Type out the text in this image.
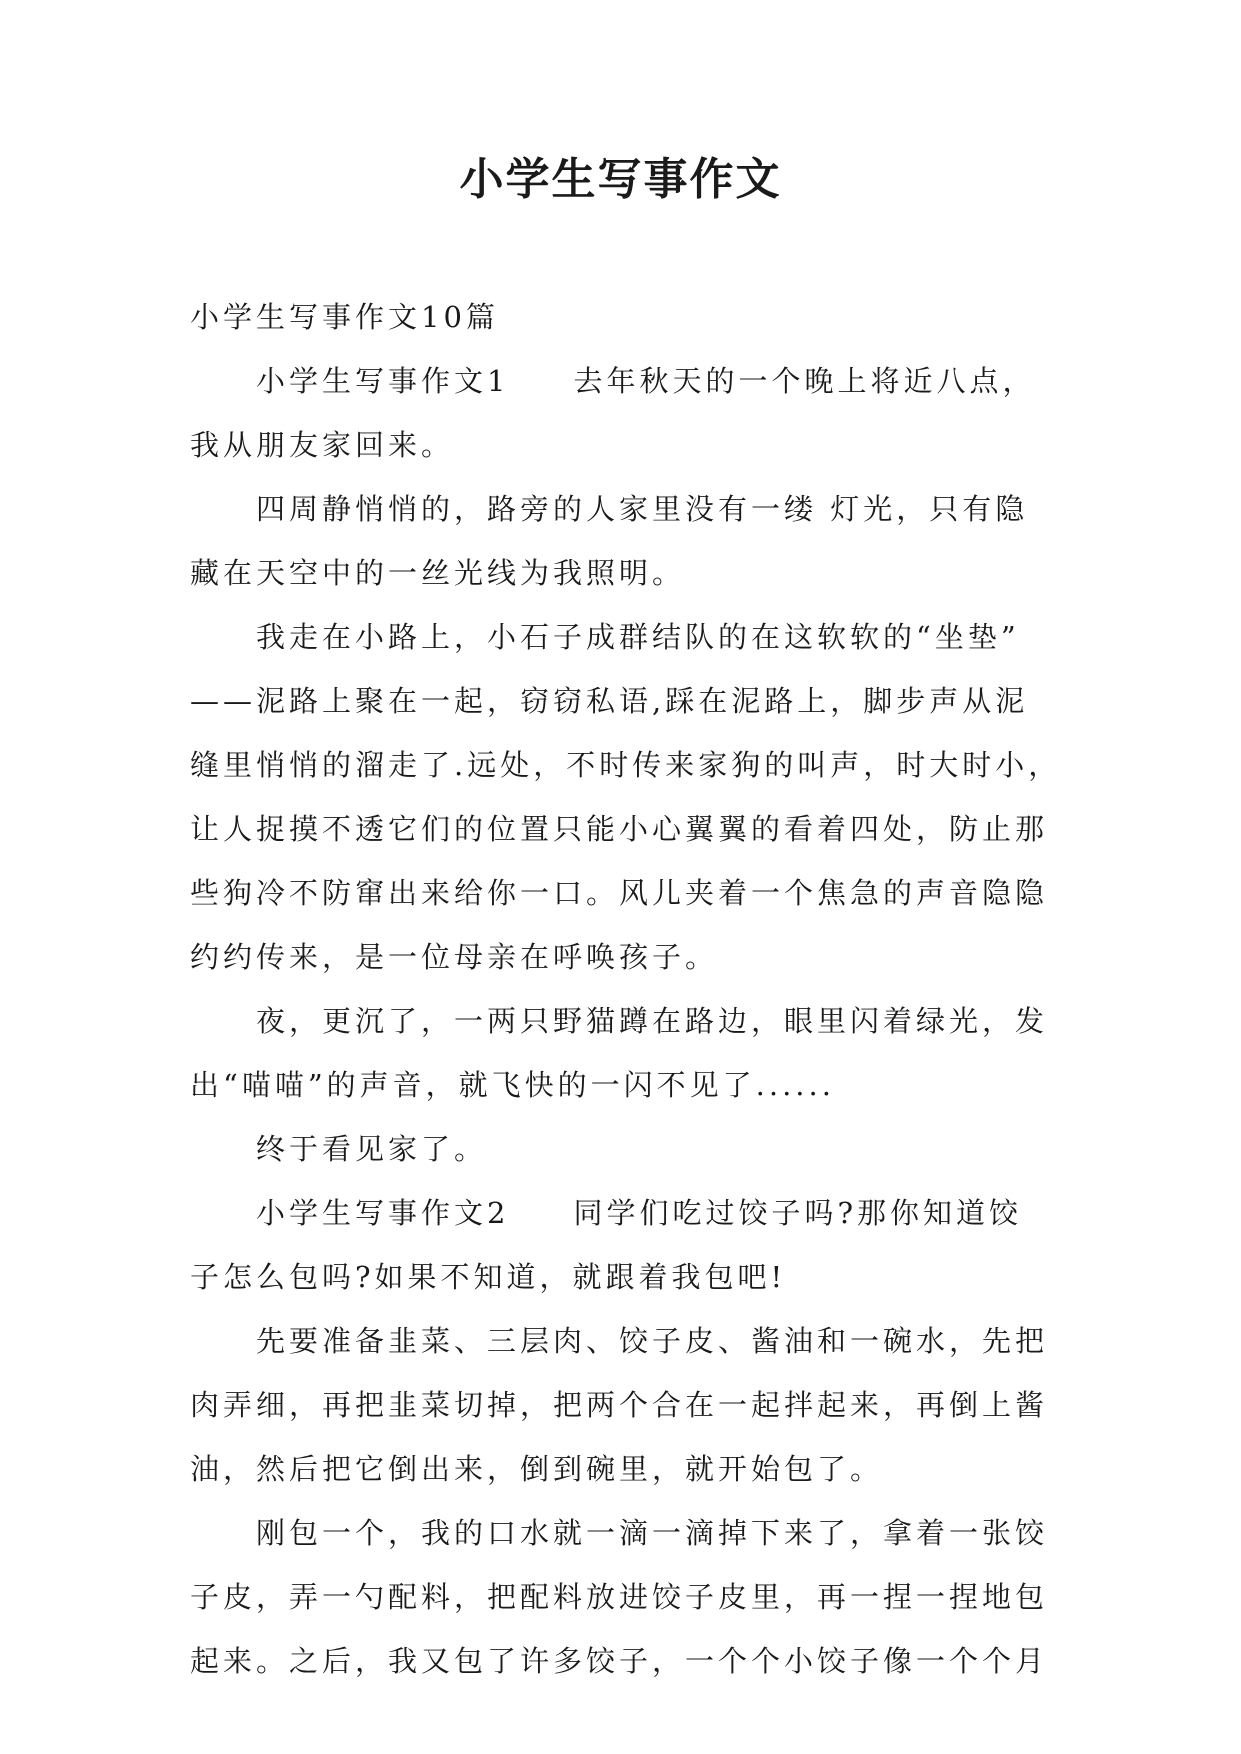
小学生写事作文
小学生写事作文10篇
小学生写事作文1 去年秋天的一个晚上将近八点，
我从朋友家回来。
四周静悄悄的，路旁的人家里没有一缕 灯光，只有隐
藏在天空中的一丝光线为我照明。
我走在小路上，小石子成群结队的在这软软的“坐垫”
——泥路上聚在一起，窃窃私语,踩在泥路上，脚步声从泥
缝里悄悄的溜走了.远处，不时传来家狗的叫声，时大时小，
让人捉摸不透它们的位置只能小心翼翼的看着四处，防止那
些狗冷不防窜出来给你一口。风儿夹着一个焦急的声音隐隐
约约传来，是一位母亲在呼唤孩子。
夜，更沉了，一两只野猫蹲在路边，眼里闪着绿光，发
出“喵喵”的声音，就飞快的一闪不见了......
终于看见家了。
小学生写事作文2 同学们吃过饺子吗?那你知道饺
子怎么包吗?如果不知道，就跟着我包吧!
先要准备韭菜、三层肉、饺子皮、酱油和一碗水，先把
肉弄细，再把韭菜切掉，把两个合在一起拌起来，再倒上酱
油，然后把它倒出来，倒到碗里，就开始包了。
刚包一个，我的口水就一滴一滴掉下来了，拿着一张饺
子皮，弄一勺配料，把配料放进饺子皮里，再一捏一捏地包
起来。之后，我又包了许多饺子，一个个小饺子像一个个月
